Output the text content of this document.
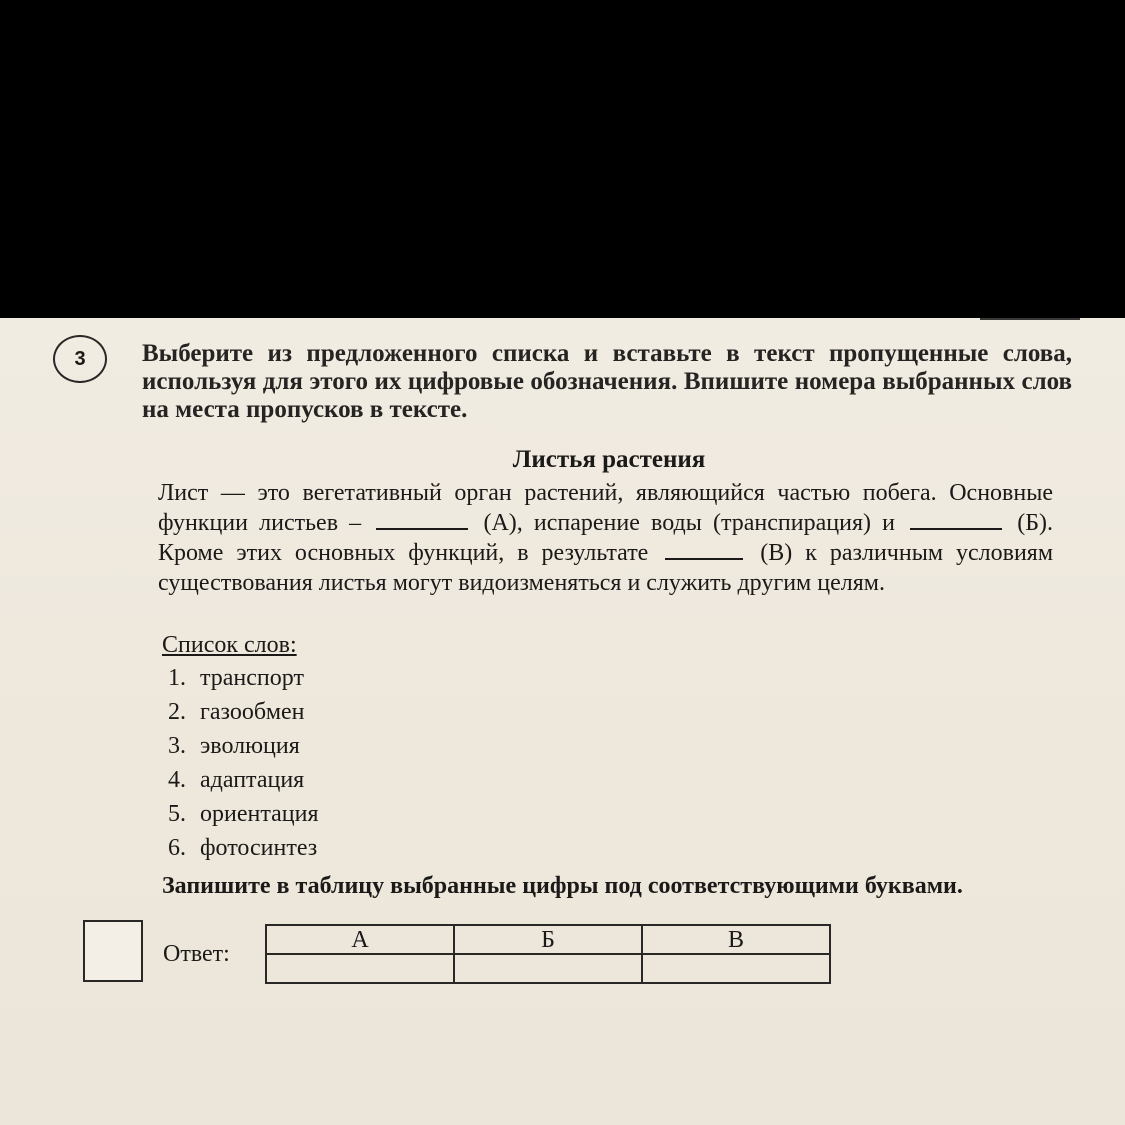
3	Выберите из предложенного списка и вставьте в текст пропущенные слова, используя для этого их цифровые обозначения. Впишите номера выбранных слов на места пропусков в тексте.
Листья растения
Лист — это вегетативный орган растений, являющийся частью побега. Основные функции листьев –	(А), испарение воды (транспирация) и	(Б). Кроме этих основных функций, в результате	(В) к различным условиям существования листья могут видоизменяться и служить другим целям.
Список слов:
1. транспорт
2. газообмен
3. эволюция
4. адаптация
5. ориентация
6. фотосинтез
Запишите в таблицу выбранные цифры под соответствующими буквами.
Ответ:
А	Б	В
